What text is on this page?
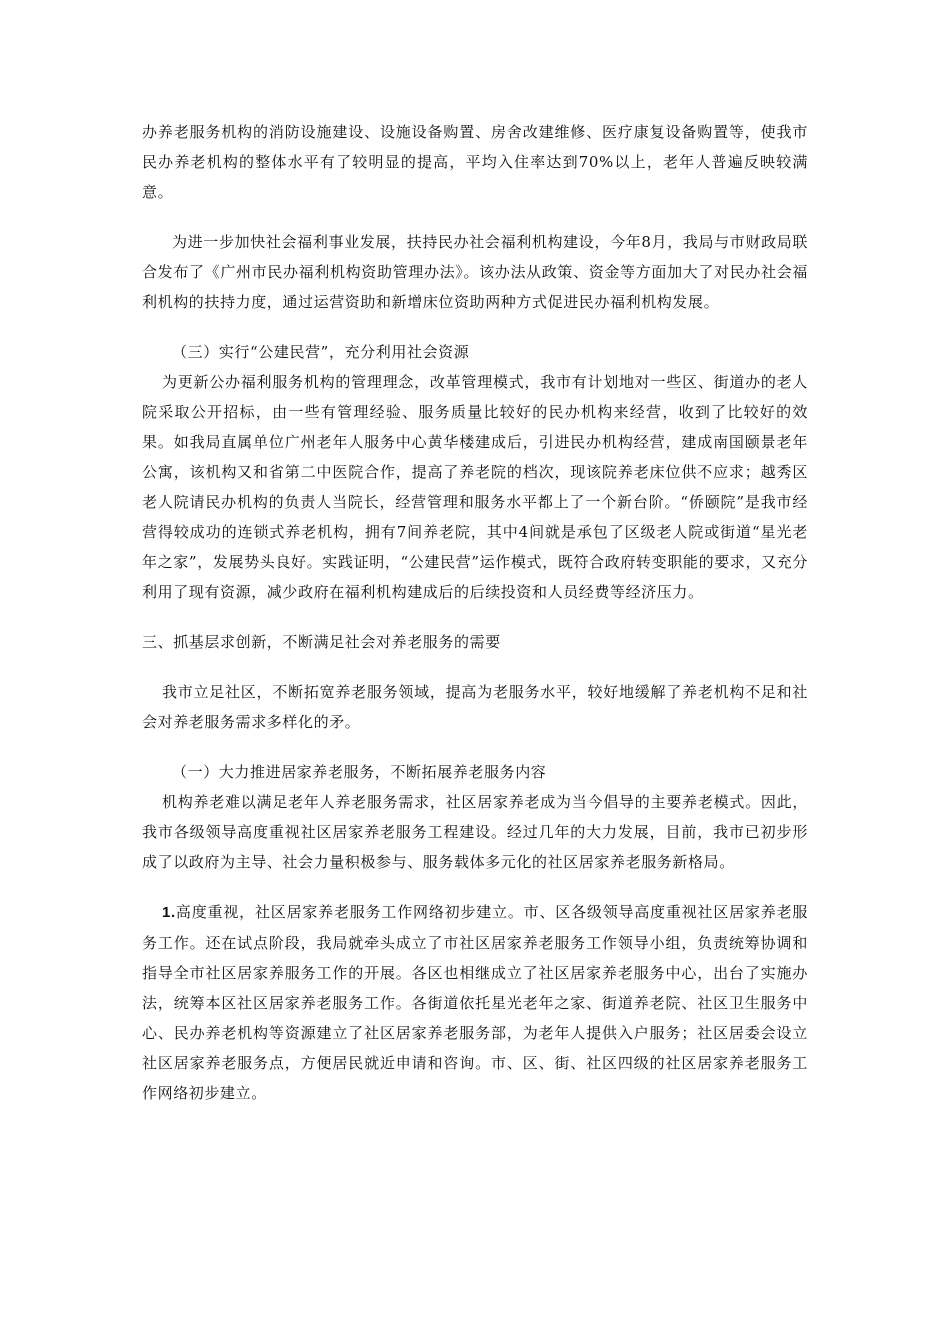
办养老服务机构的消防设施建设、设施设备购置、房舍改建维修、医疗康复设备购置等，使我市民办养老机构的整体水平有了较明显的提高，平均入住率达到70%以上，老年人普遍反映较满意。

为进一步加快社会福利事业发展，扶持民办社会福利机构建设，今年8月，我局与市财政局联合发布了《广州市民办福利机构资助管理办法》。该办法从政策、资金等方面加大了对民办社会福利机构的扶持力度，通过运营资助和新增床位资助两种方式促进民办福利机构发展。

（三）实行“公建民营”，充分利用社会资源

为更新公办福利服务机构的管理理念，改革管理模式，我市有计划地对一些区、街道办的老人院采取公开招标，由一些有管理经验、服务质量比较好的民办机构来经营，收到了比较好的效果。如我局直属单位广州老年人服务中心黄华楼建成后，引进民办机构经营，建成南国颐景老年公寓，该机构又和省第二中医院合作，提高了养老院的档次，现该院养老床位供不应求；越秀区老人院请民办机构的负责人当院长，经营管理和服务水平都上了一个新台阶。“侨颐院”是我市经营得较成功的连锁式养老机构，拥有7间养老院，其中4间就是承包了区级老人院或街道“星光老年之家”，发展势头良好。实践证明，“公建民营”运作模式，既符合政府转变职能的要求，又充分利用了现有资源，减少政府在福利机构建成后的后续投资和人员经费等经济压力。

三、抓基层求创新，不断满足社会对养老服务的需要

我市立足社区，不断拓宽养老服务领域，提高为老服务水平，较好地缓解了养老机构不足和社会对养老服务需求多样化的矛。

（一）大力推进居家养老服务，不断拓展养老服务内容

机构养老难以满足老年人养老服务需求，社区居家养老成为当今倡导的主要养老模式。因此，我市各级领导高度重视社区居家养老服务工程建设。经过几年的大力发展，目前，我市已初步形成了以政府为主导、社会力量积极参与、服务载体多元化的社区居家养老服务新格局。

1.高度重视，社区居家养老服务工作网络初步建立。市、区各级领导高度重视社区居家养老服务工作。还在试点阶段，我局就牵头成立了市社区居家养老服务工作领导小组，负责统筹协调和指导全市社区居家养服务工作的开展。各区也相继成立了社区居家养老服务中心，出台了实施办法，统筹本区社区居家养老服务工作。各街道依托星光老年之家、街道养老院、社区卫生服务中心、民办养老机构等资源建立了社区居家养老服务部，为老年人提供入户服务；社区居委会设立社区居家养老服务点，方便居民就近申请和咨询。市、区、街、社区四级的社区居家养老服务工作网络初步建立。
